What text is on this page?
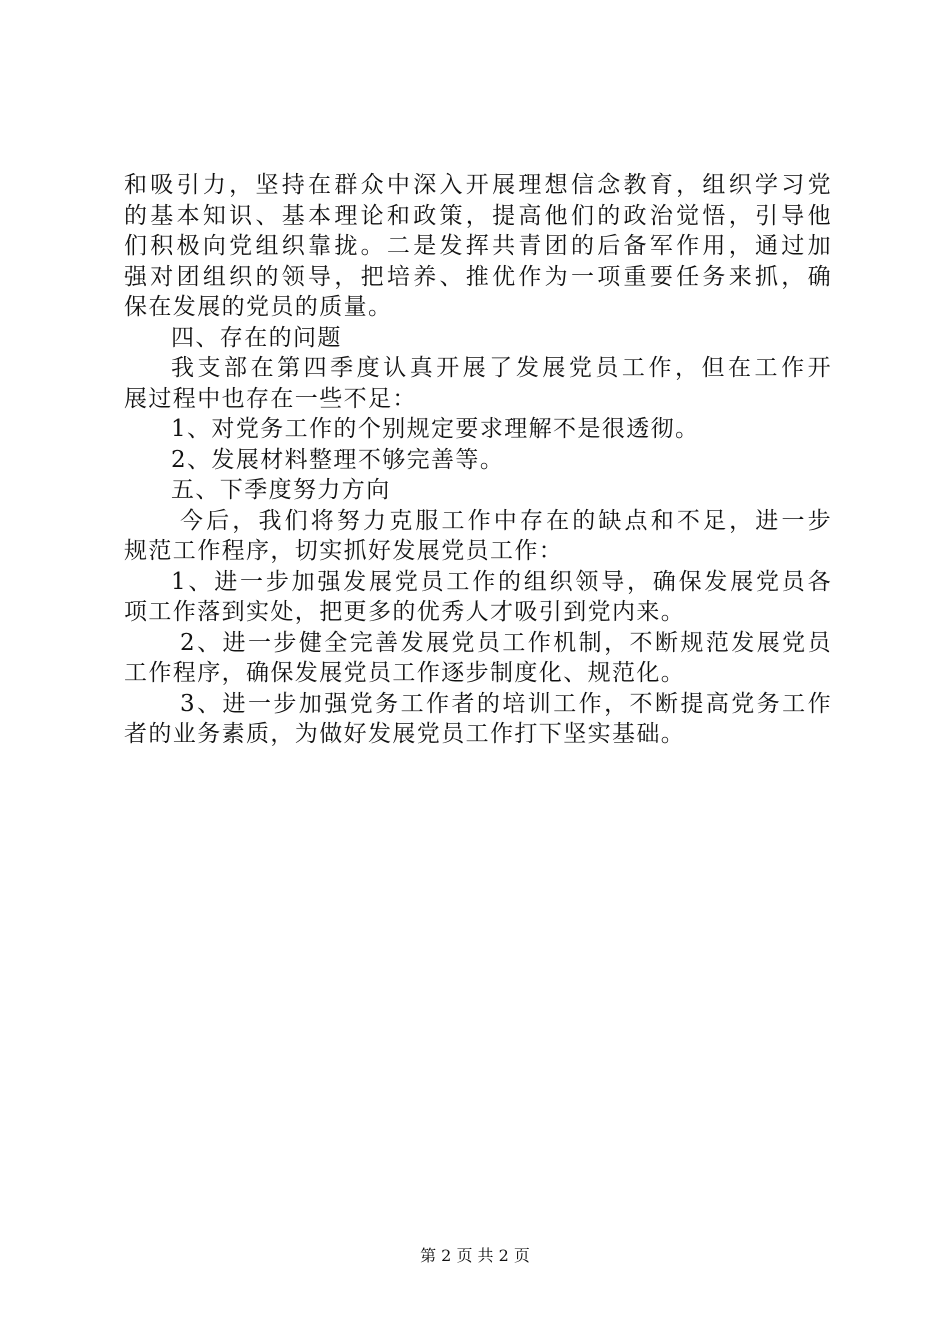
和吸引力，坚持在群众中深入开展理想信念教育，组织学习党
的基本知识、基本理论和政策，提高他们的政治觉悟，引导他
们积极向党组织靠拢。二是发挥共青团的后备军作用，通过加
强对团组织的领导，把培养、推优作为一项重要任务来抓，确
保在发展的党员的质量。
四、存在的问题
我支部在第四季度认真开展了发展党员工作，但在工作开
展过程中也存在一些不足：
1、对党务工作的个别规定要求理解不是很透彻。
2、发展材料整理不够完善等。
五、下季度努力方向
今后，我们将努力克服工作中存在的缺点和不足，进一步
规范工作程序，切实抓好发展党员工作：
1、进一步加强发展党员工作的组织领导，确保发展党员各
项工作落到实处，把更多的优秀人才吸引到党内来。
2、进一步健全完善发展党员工作机制，不断规范发展党员
工作程序，确保发展党员工作逐步制度化、规范化。
3、进一步加强党务工作者的培训工作，不断提高党务工作
者的业务素质，为做好发展党员工作打下坚实基础。
第 2 页 共 2 页
